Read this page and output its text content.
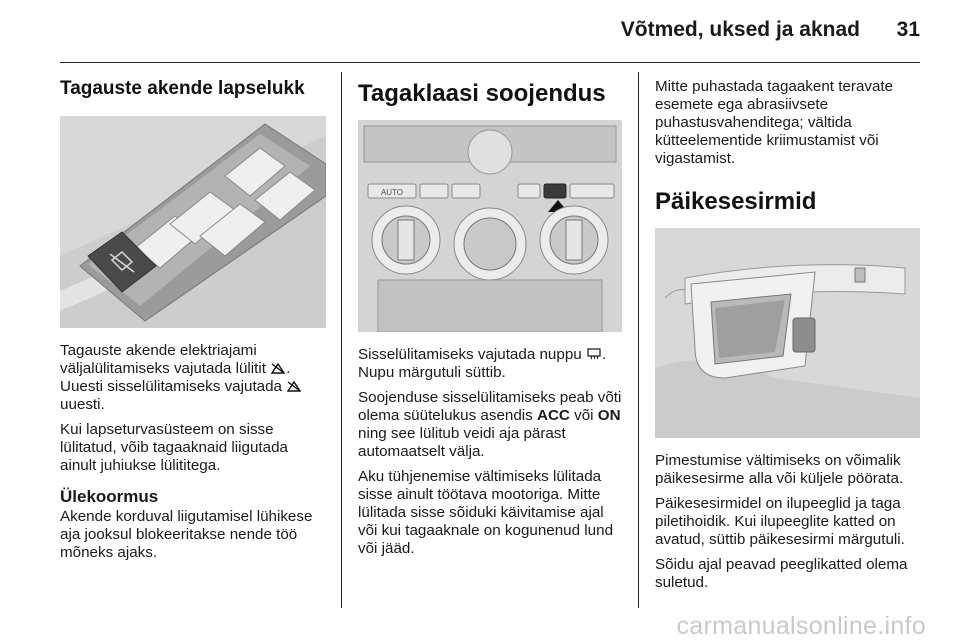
Võtmed, uksed ja aknad 31
Tagauste akende lapselukk

Tagauste akende elektriajami väljalülitamiseks vajutada lülitit . Uuesti sisselülitamiseks vajutada  uuesti.

Kui lapseturvasüsteem on sisse lülitatud, võib tagaaknaid liigutada ainult juhiukse lülititega.

Ülekoormus

Akende korduval liigutamisel lühikese aja jooksul blokeeritakse nende töö mõneks ajaks.

Tagaklaasi soojendus
AUTO

Sisselülitamiseks vajutada nuppu . Nupu märgutuli süttib.

Soojenduse sisselülitamiseks peab võti olema süütelukus asendis ACC või ON ning see lülitub veidi aja pärast automaatselt välja.

Aku tühjenemise vältimiseks lülitada sisse ainult töötava mootoriga. Mitte lülitada sisse sõiduki käivitamise ajal või kui tagaaknale on kogunenud lund või jääd.

Mitte puhastada tagaakent teravate esemete ega abrasiivsete puhastusvahenditega; vältida kütteelementide kriimustamist või vigastamist.

Päikesesirmid

Pimestumise vältimiseks on võimalik päikesesirme alla või küljele pöörata.

Päikesesirmidel on ilupeeglid ja taga piletihoidik. Kui ilupeeglite katted on avatud, süttib päikesesirmi märgutuli.

Sõidu ajal peavad peeglikatted olema suletud.

carmanualsonline.info
